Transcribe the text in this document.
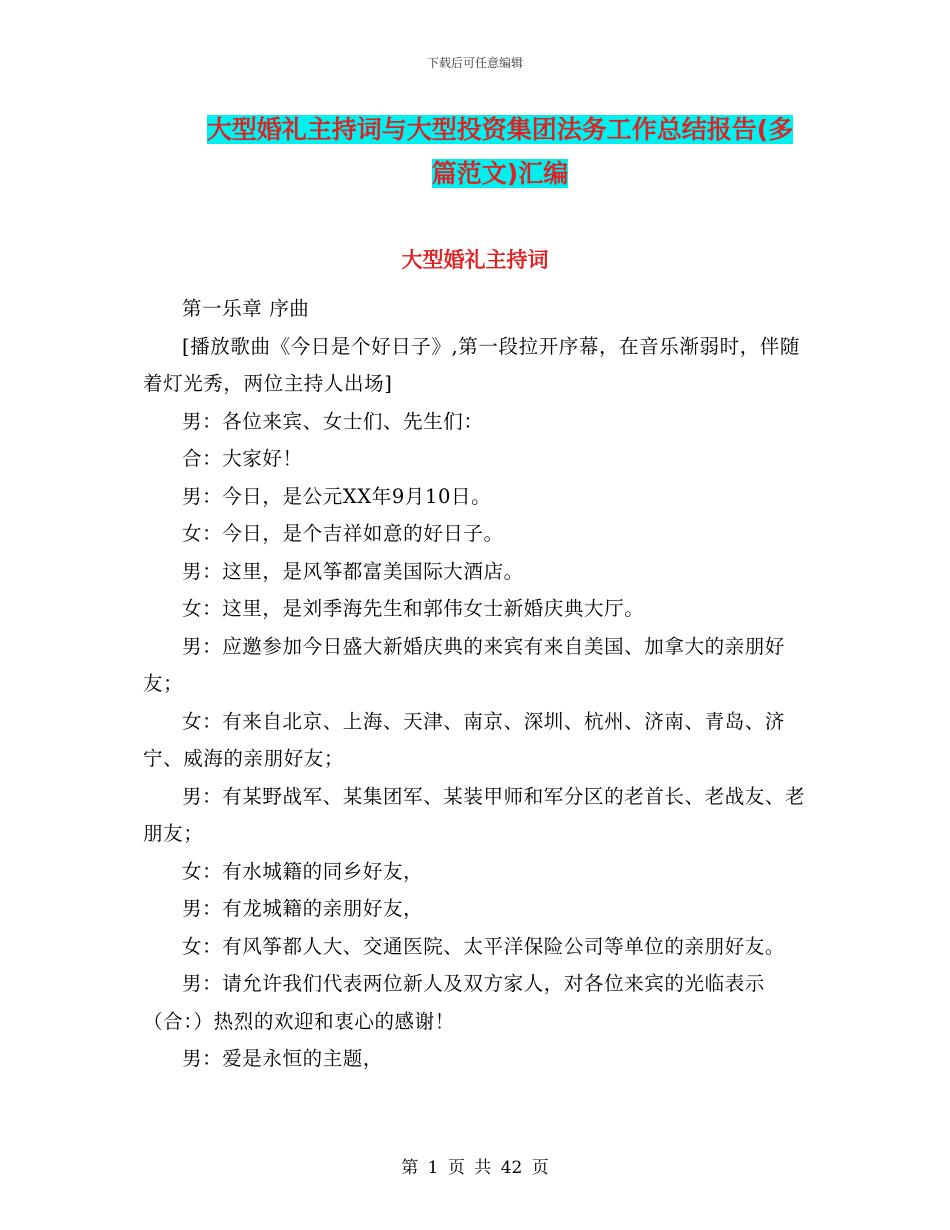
下载后可任意编辑
大型婚礼主持词与大型投资集团法务工作总结报告(多
篇范文)汇编
大型婚礼主持词

第一乐章 序曲

[播放歌曲《今日是个好日子》,第一段拉开序幕，在音乐渐弱时，伴随着灯光秀，两位主持人出场]

男：各位来宾、女士们、先生们：

合：大家好！

男：今日，是公元XX年9月10日。

女：今日，是个吉祥如意的好日子。

男：这里，是风筝都富美国际大酒店。

女：这里，是刘季海先生和郭伟女士新婚庆典大厅。

男：应邀参加今日盛大新婚庆典的来宾有来自美国、加拿大的亲朋好友；

女：有来自北京、上海、天津、南京、深圳、杭州、济南、青岛、济宁、威海的亲朋好友；

男：有某野战军、某集团军、某装甲师和军分区的老首长、老战友、老朋友；

女：有水城籍的同乡好友，

男：有龙城籍的亲朋好友，

女：有风筝都人大、交通医院、太平洋保险公司等单位的亲朋好友。

男：请允许我们代表两位新人及双方家人，对各位来宾的光临表示（合：）热烈的欢迎和衷心的感谢！

男：爱是永恒的主题，

第 1 页 共 42 页
